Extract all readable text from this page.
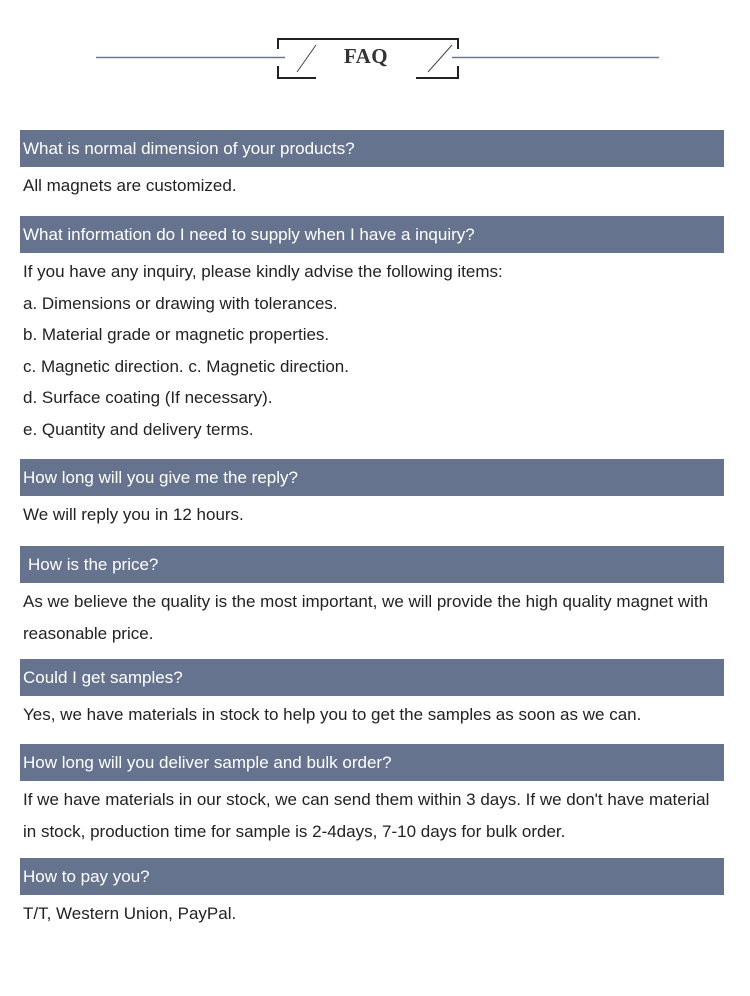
FAQ
What is normal dimension of your products?

All magnets are customized.

What information do I need to supply when I have a inquiry?

If you have any inquiry, please kindly advise the following items:

a. Dimensions or drawing with tolerances.

b. Material grade or magnetic properties.

c. Magnetic direction. c. Magnetic direction.

d. Surface coating (If necessary).

e. Quantity and delivery terms.

How long will you give me the reply?

We will reply you in 12 hours.

How is the price?

As we believe the quality is the most important, we will provide the high quality magnet with reasonable price.

Could I get samples?

Yes, we have materials in stock to help you to get the samples as soon as we can.

How long will you deliver sample and bulk order?

If we have materials in our stock, we can send them within 3 days. If we don't have material in stock, production time for sample is 2-4days, 7-10 days for bulk order.

How to pay you?

T/T, Western Union, PayPal.
